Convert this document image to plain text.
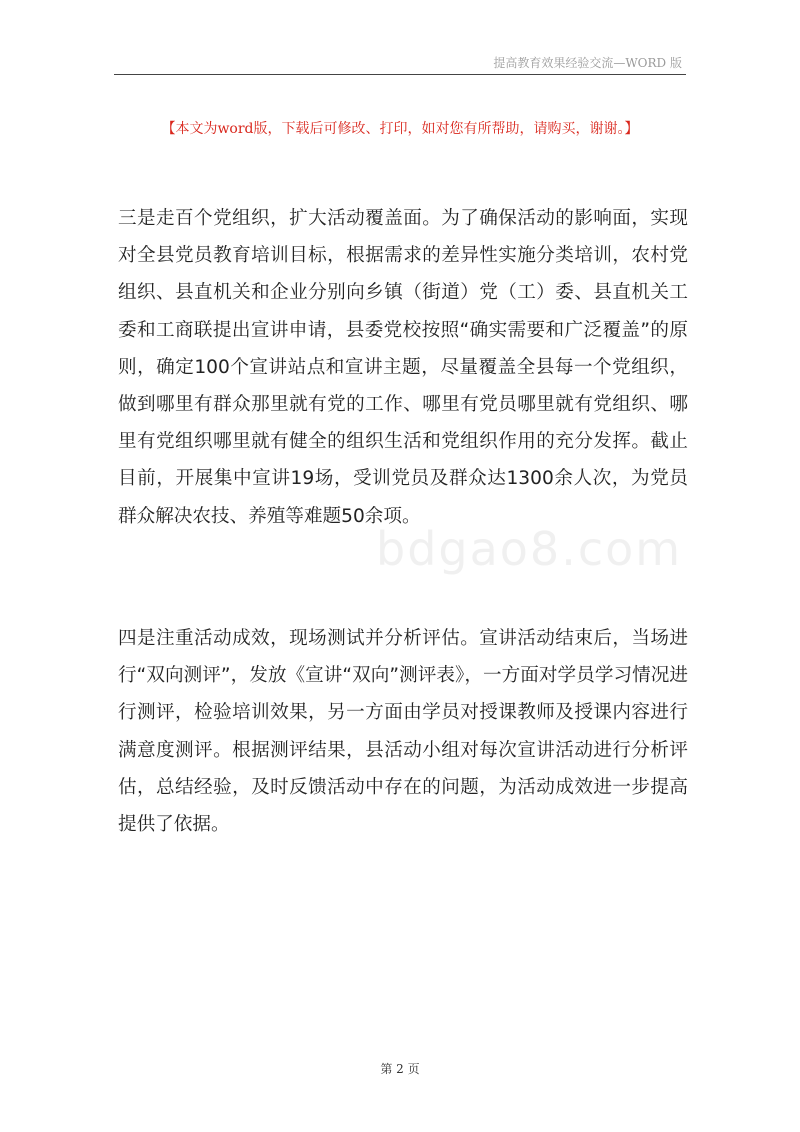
提高教育效果经验交流—WORD 版
【本文为word版，下载后可修改、打印，如对您有所帮助，请购买，谢谢。】

三是走百个党组织，扩大活动覆盖面。为了确保活动的影响面，实现对全县党员教育培训目标，根据需求的差异性实施分类培训，农村党组织、县直机关和企业分别向乡镇（街道）党（工）委、县直机关工委和工商联提出宣讲申请，县委党校按照“确实需要和广泛覆盖”的原则，确定100个宣讲站点和宣讲主题，尽量覆盖全县每一个党组织，做到哪里有群众那里就有党的工作、哪里有党员哪里就有党组织、哪里有党组织哪里就有健全的组织生活和党组织作用的充分发挥。截止目前，开展集中宣讲19场，受训党员及群众达1300余人次，为党员群众解决农技、养殖等难题50余项。

bdgao8.com

四是注重活动成效，现场测试并分析评估。宣讲活动结束后，当场进行“双向测评”，发放《宣讲“双向”测评表》，一方面对学员学习情况进行测评，检验培训效果，另一方面由学员对授课教师及授课内容进行满意度测评。根据测评结果，县活动小组对每次宣讲活动进行分析评估，总结经验，及时反馈活动中存在的问题，为活动成效进一步提高提供了依据。

第 2 页
